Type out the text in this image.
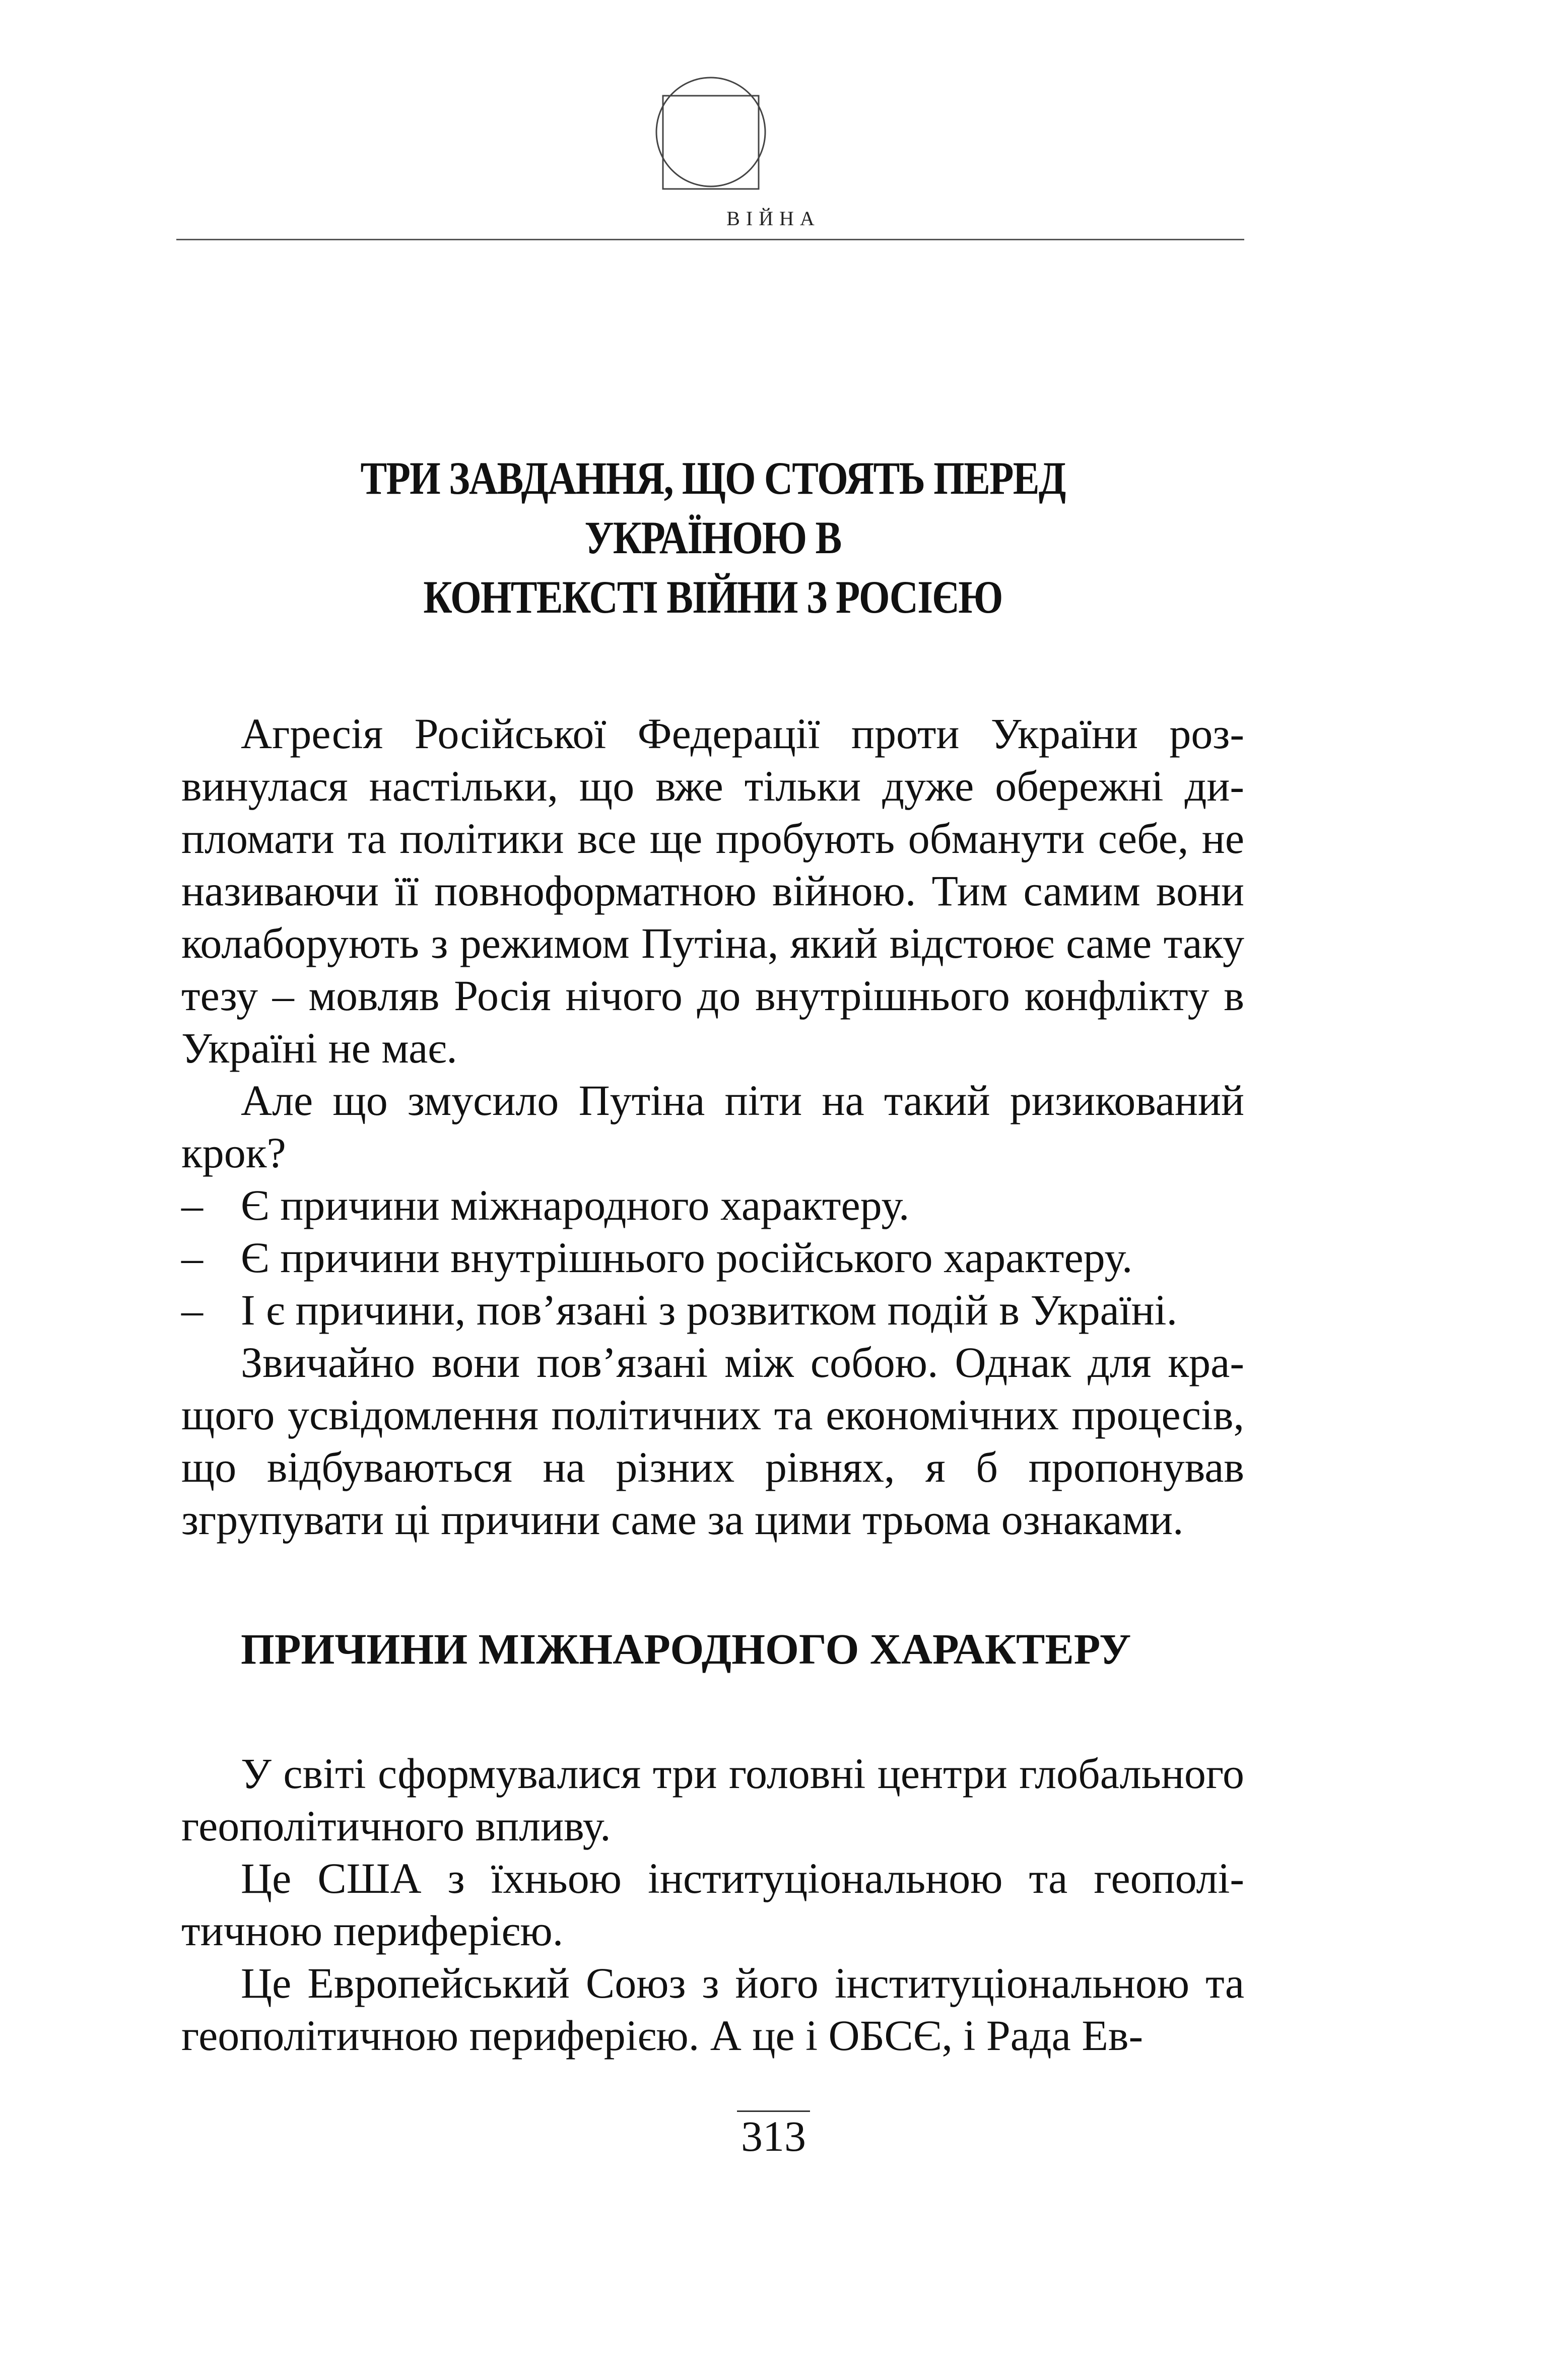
ВІЙНА
ТРИ ЗАВДАННЯ, ЩО СТОЯТЬ ПЕРЕД УКРАЇНОЮ В
КОНТЕКСТІ ВІЙНИ З РОСІЄЮ

Агресія Російської Федерації проти України розвинулася настільки, що вже тільки дуже обережні дипломати та політики все ще пробують обманути себе, не називаючи її повноформатною війною. Тим самим вони колаборують з режимом Путіна, який відстоює саме таку тезу – мовляв Росія нічого до внутрішнього конфлікту в Україні не має.

Але що змусило Путіна піти на такий ризикований крок?

– Є причини міжнародного характеру.
– Є причини внутрішнього російського характеру.
– І є причини, пов’язані з розвитком подій в Україні.

Звичайно вони пов’язані між собою. Однак для кращого усвідомлення політичних та економічних процесів, що відбуваються на різних рівнях, я б пропонував згрупувати ці причини саме за цими трьома ознаками.

ПРИЧИНИ МІЖНАРОДНОГО ХАРАКТЕРУ

У світі сформувалися три головні центри глобального геополітичного впливу.

Це США з їхньою інституціональною та геополітичною периферією.

Це Европейський Союз з його інституціональною та геополітичною периферією. А це і ОБСЄ, і Рада Ев-

313
